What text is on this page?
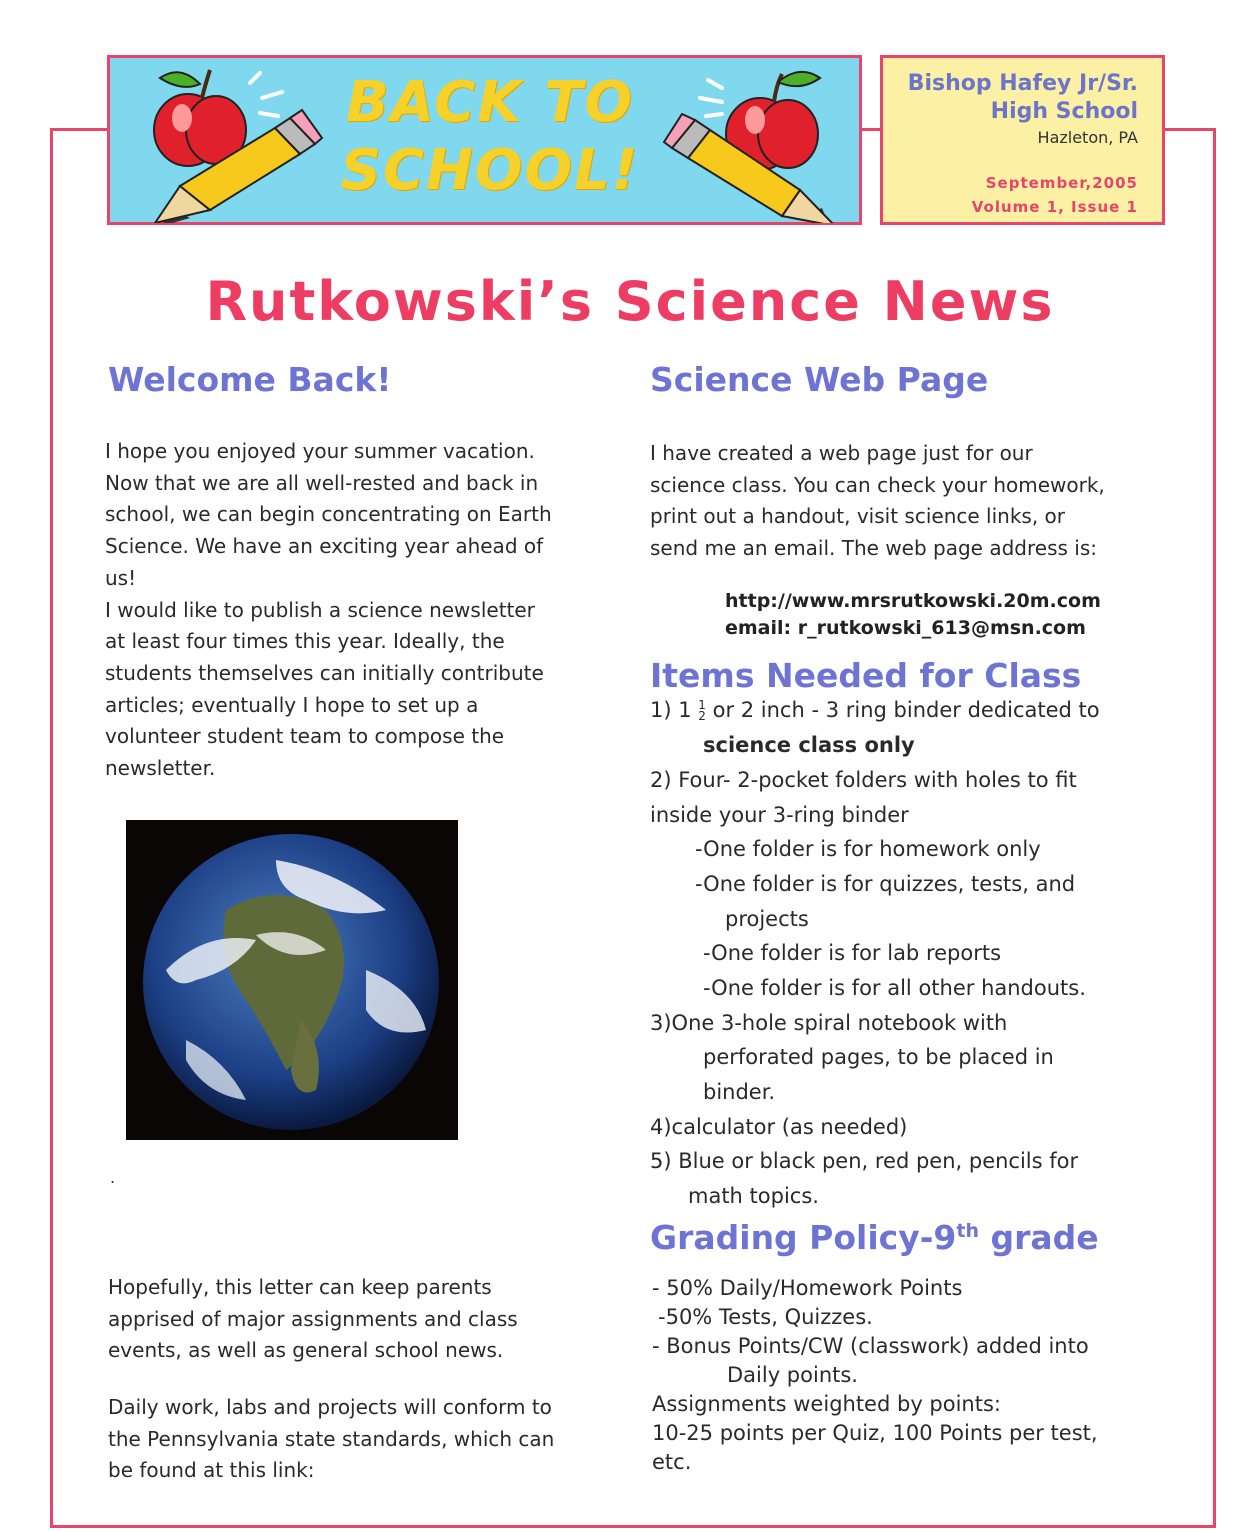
BACK TO
SCHOOL!
Bishop Hafey Jr/Sr.
High School
Hazleton, PA
September,2005
Volume 1, Issue 1
Rutkowski’s Science News
Welcome Back!
I hope you enjoyed your summer vacation.
Now that we are all well-rested and back in
school, we can begin concentrating on Earth
Science. We have an exciting year ahead of
us!
I would like to publish a science newsletter
at least four times this year. Ideally, the
students themselves can initially contribute
articles; eventually I hope to set up a
volunteer student team to compose the
newsletter.
.
Hopefully, this letter can keep parents
apprised of major assignments and class
events, as well as general school news.
Daily work, labs and projects will conform to
the Pennsylvania state standards, which can
be found at this link:
Science Web Page
I have created a web page just for our
science class. You can check your homework,
print out a handout, visit science links, or
send me an email. The web page address is:
http://www.mrsrutkowski.20m.com
email: r_rutkowski_613@msn.com
Items Needed for Class
1) 1 1
2 or 2 inch - 3 ring binder dedicated to
science class only
2) Four- 2-pocket folders with holes to fit
inside your 3-ring binder
-One folder is for homework only
-One folder is for quizzes, tests, and
projects
-One folder is for lab reports
-One folder is for all other handouts.
3)One 3-hole spiral notebook with
perforated pages, to be placed in
binder.
4)calculator (as needed)
5) Blue or black pen, red pen, pencils for
math topics.
Grading Policy-9th grade
- 50% Daily/Homework Points
-50% Tests, Quizzes.
- Bonus Points/CW (classwork) added into
Daily points.
Assignments weighted by points:
10-25 points per Quiz, 100 Points per test,
etc.
